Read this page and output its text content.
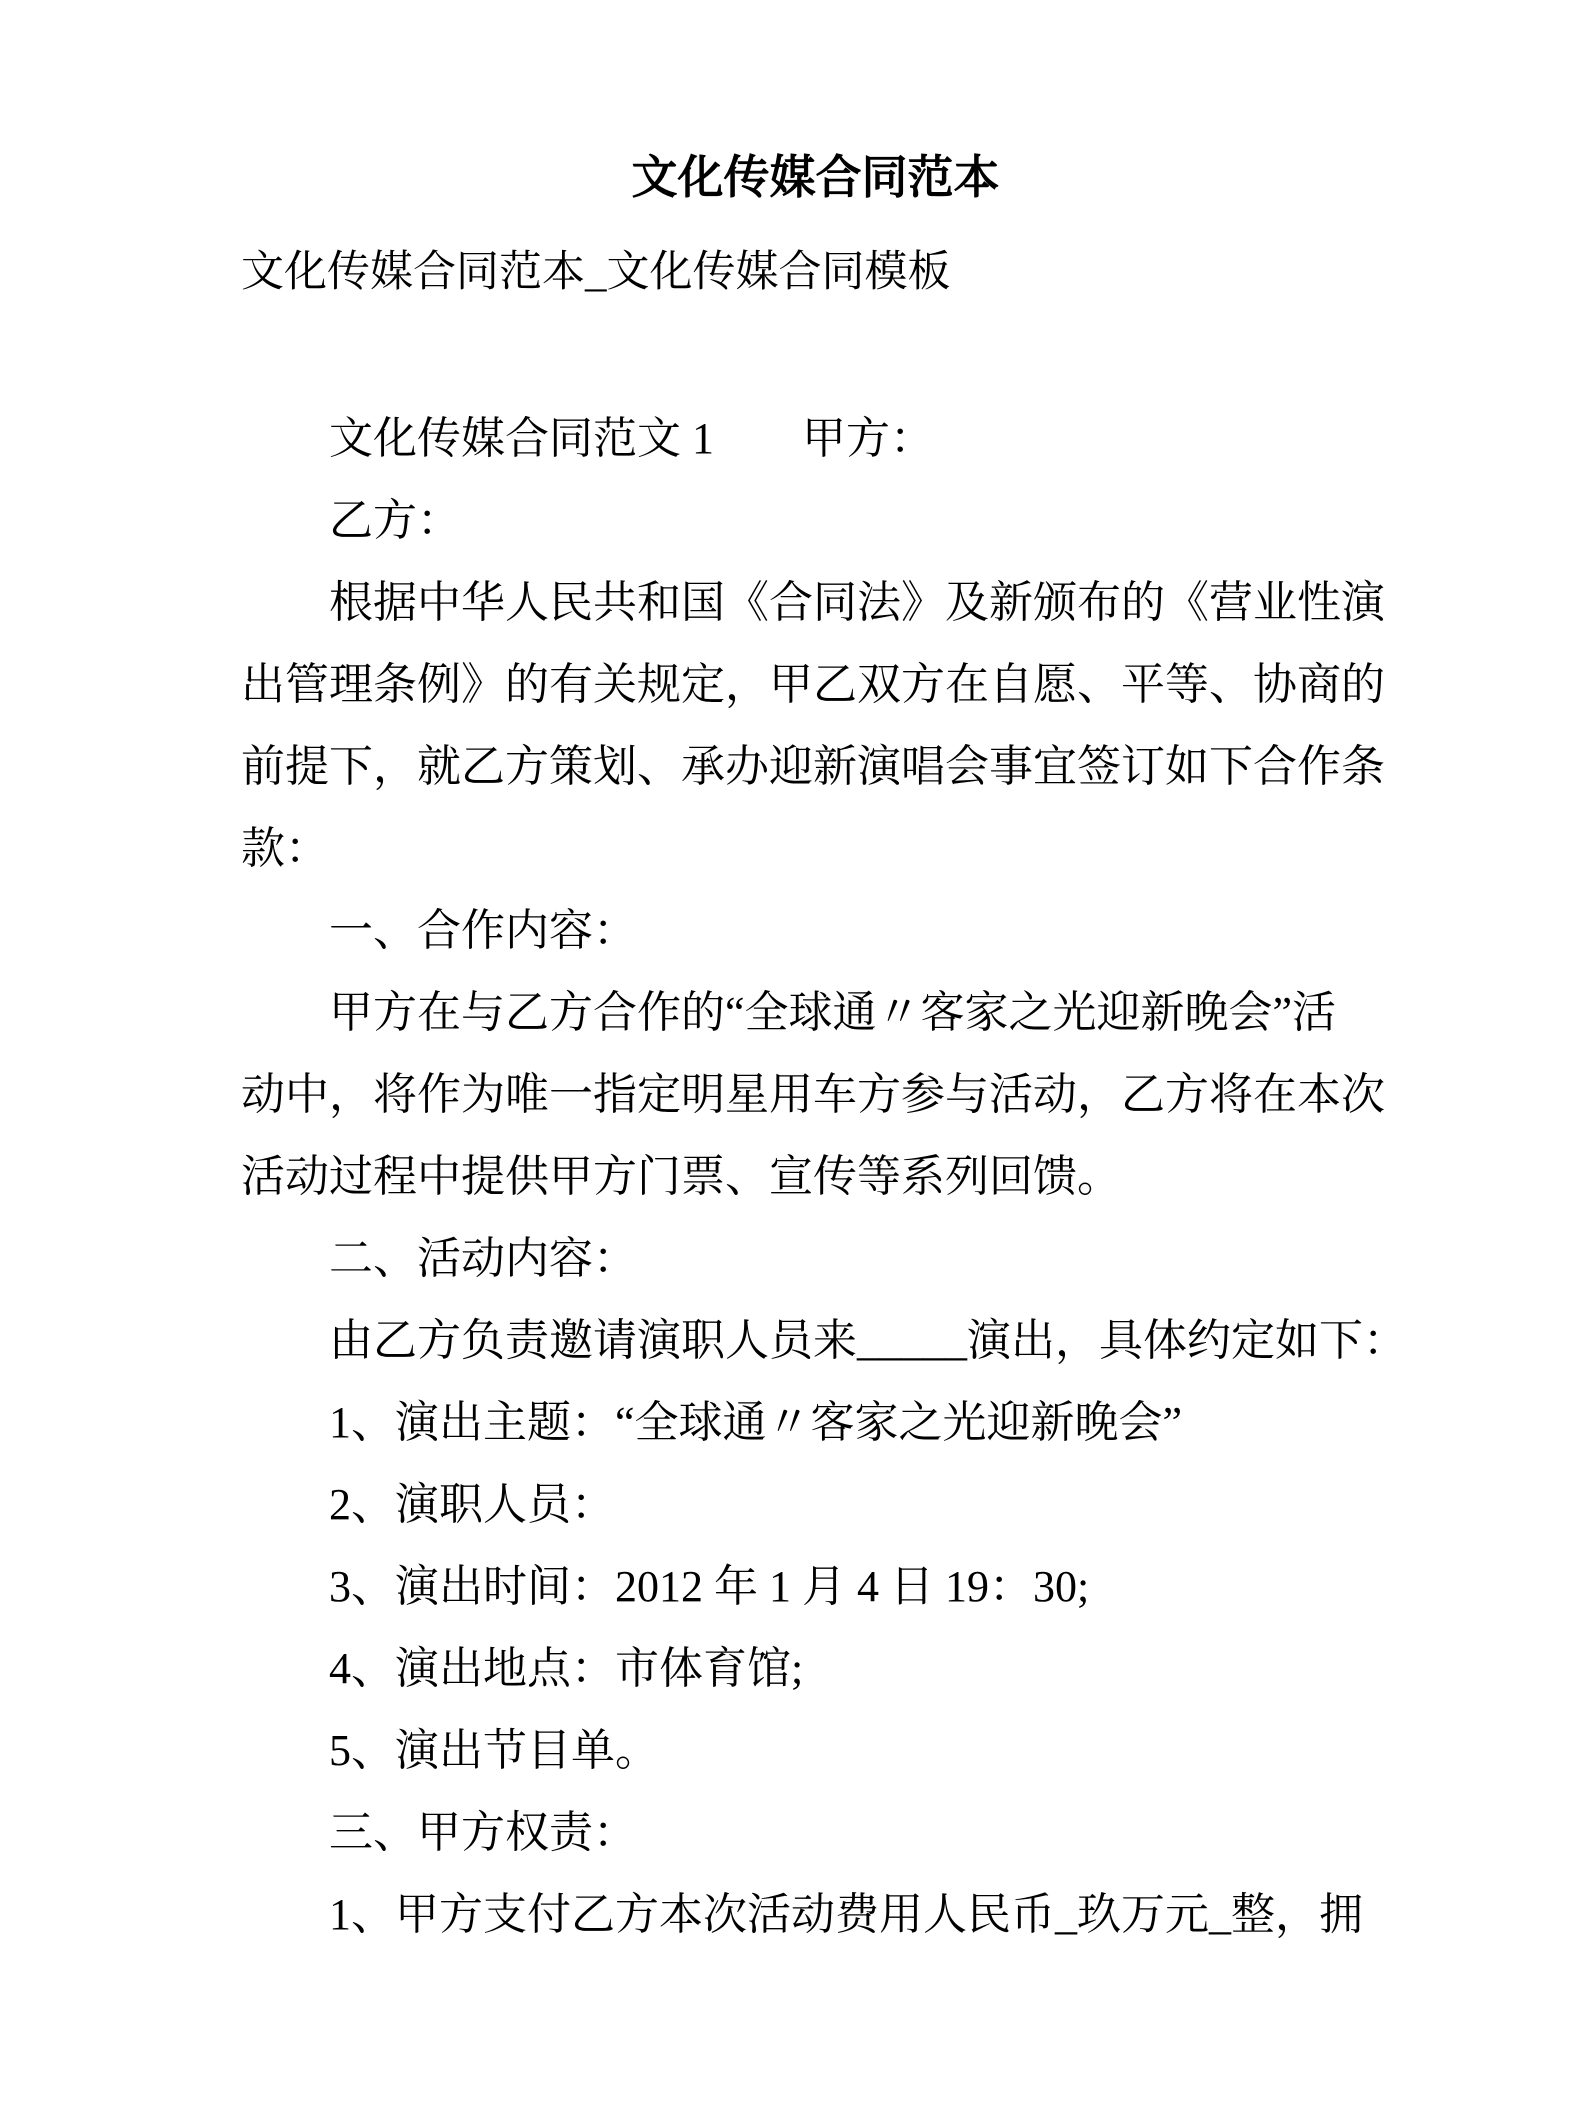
文化传媒合同范本
文化传媒合同范本_文化传媒合同模板
文化传媒合同范文 1　　甲方：
乙方：
根据中华人民共和国《合同法》及新颁布的《营业性演
出管理条例》的有关规定，甲乙双方在自愿、平等、协商的
前提下，就乙方策划、承办迎新演唱会事宜签订如下合作条
款：
一、合作内容：
甲方在与乙方合作的“全球通〃客家之光迎新晚会”活
动中，将作为唯一指定明星用车方参与活动，乙方将在本次
活动过程中提供甲方门票、宣传等系列回馈。
二、活动内容：
由乙方负责邀请演职人员来_____演出，具体约定如下：
1、演出主题：“全球通〃客家之光迎新晚会”
2、演职人员：
3、演出时间：2012 年 1 月 4 日 19：30;
4、演出地点：市体育馆;
5、演出节目单。
三、甲方权责：
1、甲方支付乙方本次活动费用人民币_玖万元_整，拥
